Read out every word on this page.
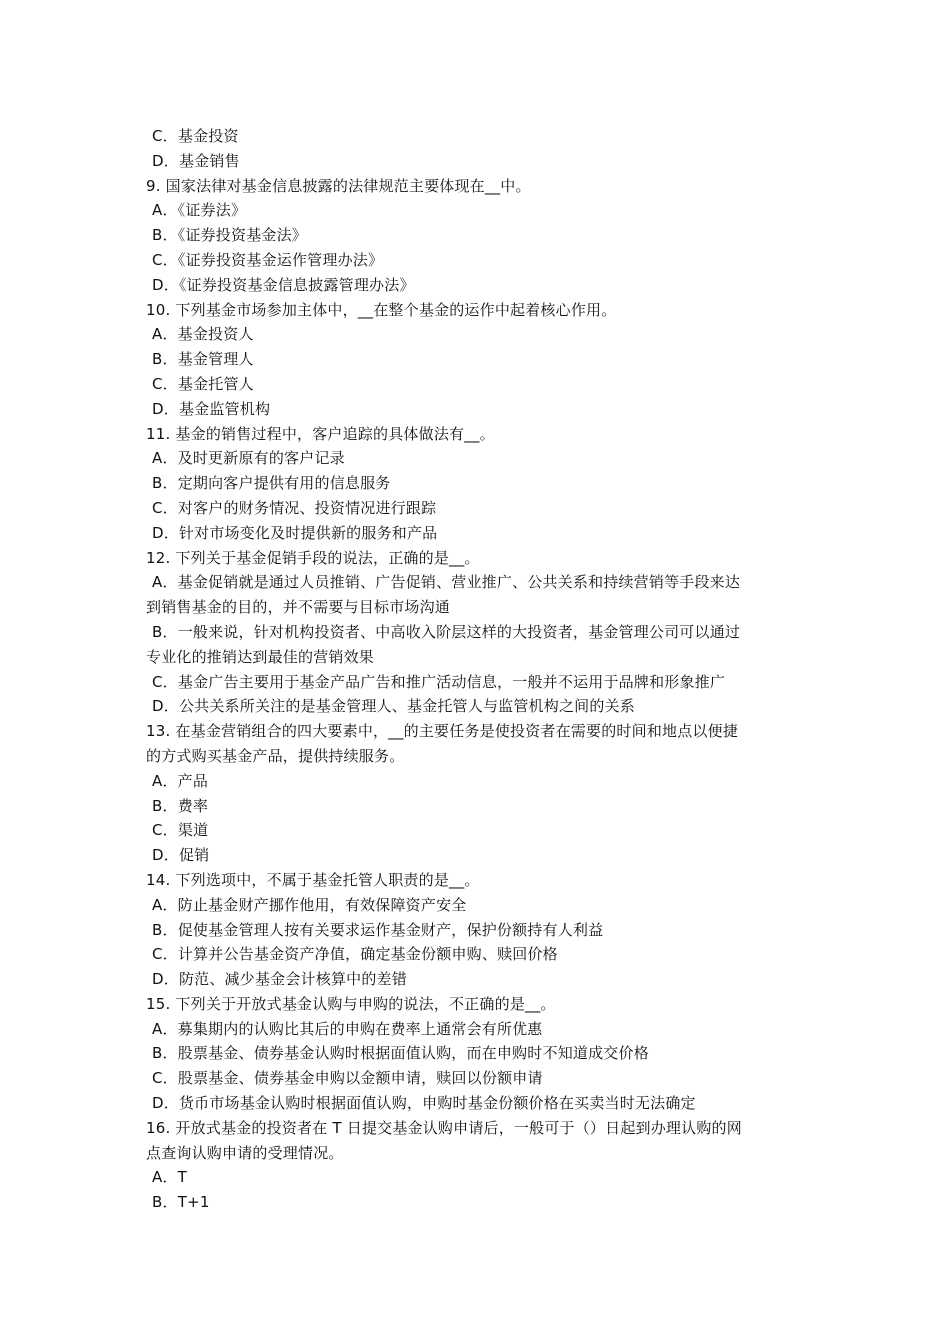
C．基金投资
D．基金销售
9. 国家法律对基金信息披露的法律规范主要体现在__中。
A．《证券法》
B．《证券投资基金法》
C．《证券投资基金运作管理办法》
D．《证券投资基金信息披露管理办法》
10. 下列基金市场参加主体中，__在整个基金的运作中起着核心作用。
A．基金投资人
B．基金管理人
C．基金托管人
D．基金监管机构
11. 基金的销售过程中，客户追踪的具体做法有__。
A．及时更新原有的客户记录
B．定期向客户提供有用的信息服务
C．对客户的财务情况、投资情况进行跟踪
D．针对市场变化及时提供新的服务和产品
12. 下列关于基金促销手段的说法，正确的是__。
A．基金促销就是通过人员推销、广告促销、营业推广、公共关系和持续营销等手段来达
到销售基金的目的，并不需要与目标市场沟通
B．一般来说，针对机构投资者、中高收入阶层这样的大投资者，基金管理公司可以通过
专业化的推销达到最佳的营销效果
C．基金广告主要用于基金产品广告和推广活动信息，一般并不运用于品牌和形象推广
D．公共关系所关注的是基金管理人、基金托管人与监管机构之间的关系
13. 在基金营销组合的四大要素中，__的主要任务是使投资者在需要的时间和地点以便捷
的方式购买基金产品，提供持续服务。
A．产品
B．费率
C．渠道
D．促销
14. 下列选项中，不属于基金托管人职责的是__。
A．防止基金财产挪作他用，有效保障资产安全
B．促使基金管理人按有关要求运作基金财产，保护份额持有人利益
C．计算并公告基金资产净值，确定基金份额申购、赎回价格
D．防范、减少基金会计核算中的差错
15. 下列关于开放式基金认购与申购的说法，不正确的是__。
A．募集期内的认购比其后的申购在费率上通常会有所优惠
B．股票基金、债券基金认购时根据面值认购，而在申购时不知道成交价格
C．股票基金、债券基金申购以金额申请，赎回以份额申请
D．货币市场基金认购时根据面值认购，申购时基金份额价格在买卖当时无法确定
16. 开放式基金的投资者在 T 日提交基金认购申请后，一般可于（）日起到办理认购的网
点查询认购申请的受理情况。
A．T
B．T+1
